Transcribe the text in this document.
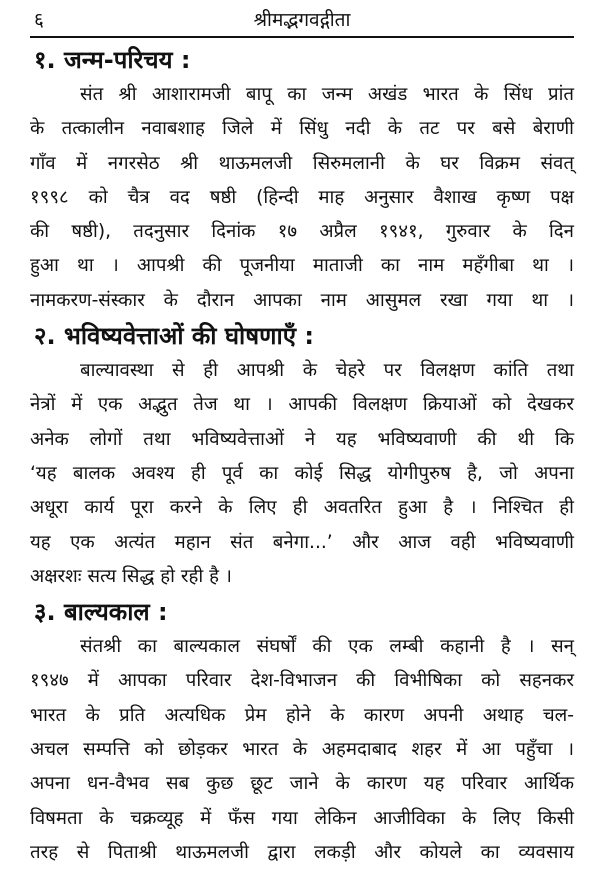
६	श्रीमद्भगवद्गीता
१. जन्म-परिचय :

संत श्री आशारामजी बापू का जन्म अखंड भारत के सिंध प्रांत
के तत्कालीन नवाबशाह जिले में सिंधु नदी के तट पर बसे बेराणी
गाँव में नगरसेठ श्री थाऊमलजी सिरुमलानी के घर विक्रम संवत्
१९९८ को चैत्र वद षष्ठी (हिन्दी माह अनुसार वैशाख कृष्ण पक्ष
की षष्ठी), तदनुसार दिनांक १७ अप्रैल १९४१, गुरुवार के दिन
हुआ था । आपश्री की पूजनीया माताजी का नाम महँगीबा था ।
नामकरण-संस्कार के दौरान आपका नाम आसुमल रखा गया था ।

२. भविष्यवेत्ताओं की घोषणाएँ :

बाल्यावस्था से ही आपश्री के चेहरे पर विलक्षण कांति तथा
नेत्रों में एक अद्भुत तेज था । आपकी विलक्षण क्रियाओं को देखकर
अनेक लोगों तथा भविष्यवेत्ताओं ने यह भविष्यवाणी की थी कि
‘यह बालक अवश्य ही पूर्व का कोई सिद्ध योगीपुरुष है, जो अपना
अधूरा कार्य पूरा करने के लिए ही अवतरित हुआ है । निश्चित ही
यह एक अत्यंत महान संत बनेगा...’ और आज वही भविष्यवाणी
अक्षरशः सत्य सिद्ध हो रही है ।

३. बाल्यकाल :

संतश्री का बाल्यकाल संघर्षों की एक लम्बी कहानी है । सन्
१९४७ में आपका परिवार देश-विभाजन की विभीषिका को सहनकर
भारत के प्रति अत्यधिक प्रेम होने के कारण अपनी अथाह चल-
अचल सम्पत्ति को छोड़कर भारत के अहमदाबाद शहर में आ पहुँचा ।
अपना धन-वैभव सब कुछ छूट जाने के कारण यह परिवार आर्थिक
विषमता के चक्रव्यूह में फँस गया लेकिन आजीविका के लिए किसी
तरह से पिताश्री थाऊमलजी द्वारा लकड़ी और कोयले का व्यवसाय
